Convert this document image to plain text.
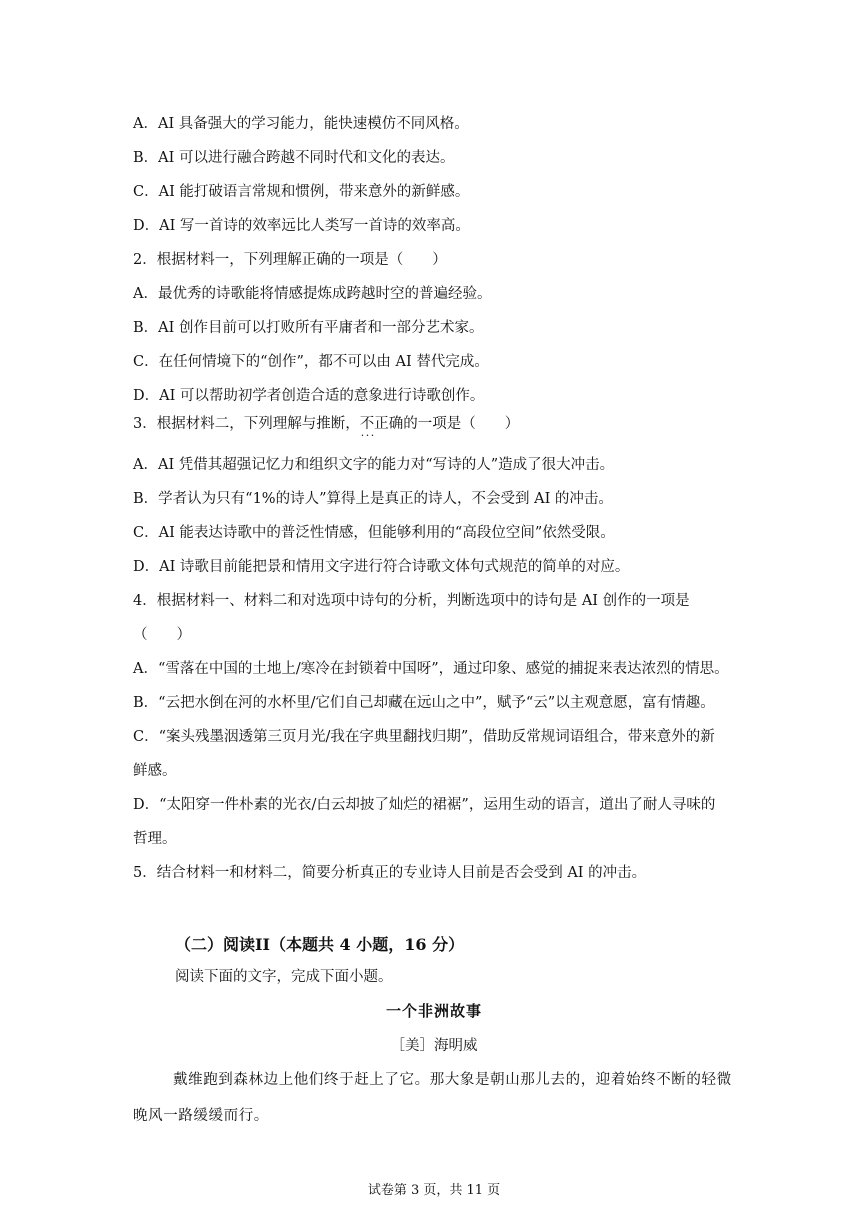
A．AI 具备强大的学习能力，能快速模仿不同风格。
B．AI 可以进行融合跨越不同时代和文化的表达。
C．AI 能打破语言常规和惯例，带来意外的新鲜感。
D．AI 写一首诗的效率远比人类写一首诗的效率高。
2．根据材料一，下列理解正确的一项是（　　）
A．最优秀的诗歌能将情感提炼成跨越时空的普遍经验。
B．AI 创作目前可以打败所有平庸者和一部分艺术家。
C．在任何情境下的“创作”，都不可以由 AI 替代完成。
D．AI 可以帮助初学者创造合适的意象进行诗歌创作。
3．根据材料二，下列理解与推断，不正确 · · ·的一项是（　　）
A．AI 凭借其超强记忆力和组织文字的能力对“写诗的人”造成了很大冲击。
B．学者认为只有“1%的诗人”算得上是真正的诗人，不会受到 AI 的冲击。
C．AI 能表达诗歌中的普泛性情感，但能够利用的“高段位空间”依然受限。
D．AI 诗歌目前能把景和情用文字进行符合诗歌文体句式规范的简单的对应。
4．根据材料一、材料二和对选项中诗句的分析，判断选项中的诗句是 AI 创作的一项是
（　　）
A．“雪落在中国的土地上/寒冷在封锁着中国呀”，通过印象、感觉的捕捉来表达浓烈的情思。
B．“云把水倒在河的水杯里/它们自己却藏在远山之中”，赋予“云”以主观意愿，富有情趣。
C．“案头残墨洇透第三页月光/我在字典里翻找归期”，借助反常规词语组合，带来意外的新
鲜感。
D．“太阳穿一件朴素的光衣/白云却披了灿烂的裙裾”，运用生动的语言，道出了耐人寻味的
哲理。
5．结合材料一和材料二，简要分析真正的专业诗人目前是否会受到 AI 的冲击。
（二）阅读II（本题共 4 小题，16 分）
阅读下面的文字，完成下面小题。
一个非洲故事
［美］海明威
戴维跑到森林边上他们终于赶上了它。那大象是朝山那儿去的，迎着始终不断的轻微
晚风一路缓缓而行。
试卷第 3 页，共 11 页
